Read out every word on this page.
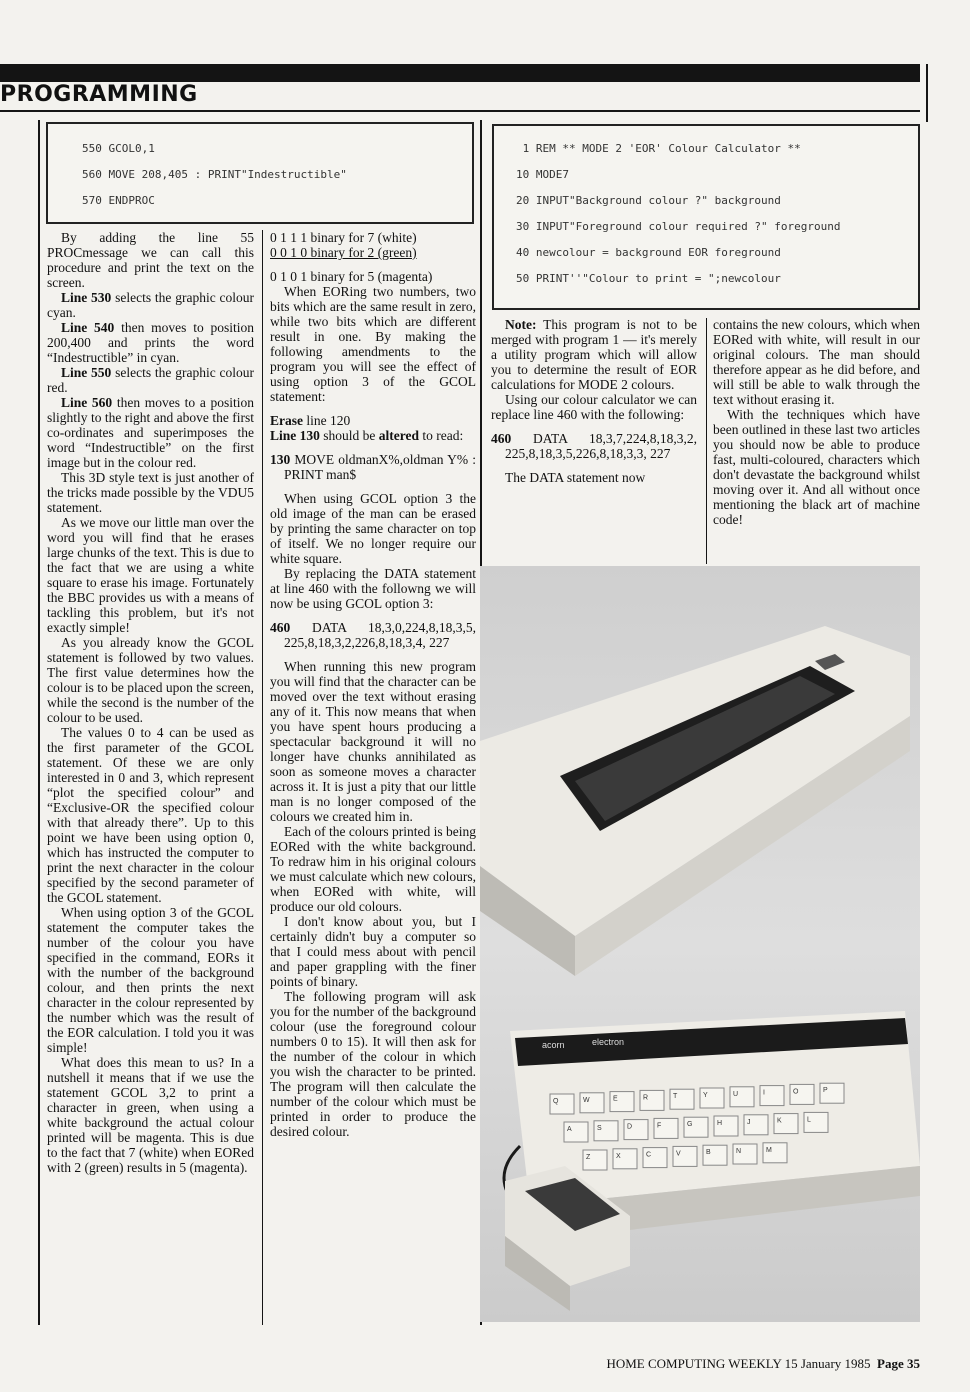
PROGRAMMING
550 GCOL0,1
560 MOVE 208,405 : PRINT"Indestructible"
570 ENDPROC
1 REM ** MODE 2 'EOR' Colour Calculator **
10 MODE7
20 INPUT"Background colour ?" background
30 INPUT"Foreground colour required ?" foreground
40 newcolour = background EOR foreground
50 PRINT''"Colour to print = ";newcolour

By adding the line 55 PROCmessage we can call this procedure and print the text on the screen.

Line 530 selects the graphic colour cyan.

Line 540 then moves to position 200,400 and prints the word “Indestructible” in cyan.

Line 550 selects the graphic colour red.

Line 560 then moves to a position slightly to the right and above the first co-ordinates and superimposes the word “Indestructible” on the first image but in the colour red.

This 3D style text is just another of the tricks made possible by the VDU5 statement.

As we move our little man over the word you will find that he erases large chunks of the text. This is due to the fact that we are using a white square to erase his image. Fortunately the BBC provides us with a means of tackling this problem, but it's not exactly simple!

As you already know the GCOL statement is followed by two values. The first value determines how the colour is to be placed upon the screen, while the second is the number of the colour to be used.

The values 0 to 4 can be used as the first parameter of the GCOL statement. Of these we are only interested in 0 and 3, which represent “plot the specified colour” and “Exclusive-OR the specified colour with that already there”. Up to this point we have been using option 0, which has instructed the computer to print the next character in the colour specified by the second parameter of the GCOL statement.

When using option 3 of the GCOL statement the computer takes the number of the colour you have specified in the command, EORs it with the number of the background colour, and then prints the next character in the colour represented by the number which was the result of the EOR calculation. I told you it was simple!

What does this mean to us? In a nutshell it means that if we use the statement GCOL 3,2 to print a character in green, when using a white background the actual colour printed will be magenta. This is due to the fact that 7 (white) when EORed with 2 (green) results in 5 (magenta).

0 1 1 1 binary for 7 (white)

0 0 1 0 binary for 2 (green)

0 1 0 1 binary for 5 (magenta)

When EORing two numbers, two bits which are the same result in zero, while two bits which are different result in one. By making the following amendments to the program you will see the effect of using option 3 of the GCOL statement:

Erase line 120

Line 130 should be altered to read:

130 MOVE oldmanX%,oldman Y% : PRINT man$

When using GCOL option 3 the old image of the man can be erased by printing the same character on top of itself. We no longer require our white square.

By replacing the DATA statement at line 460 with the followng we will now be using GCOL option 3:

460 DATA 18,3,0,224,8,18,3,5, 225,8,18,3,2,226,8,18,3,4, 227

When running this new program you will find that the character can be moved over the text without erasing any of it. This now means that when you have spent hours producing a spectacular background it will no longer have chunks annihilated as soon as someone moves a character across it. It is just a pity that our little man is no longer composed of the colours we created him in.

Each of the colours printed is being EORed with the white background. To redraw him in his original colours we must calculate which new colours, when EORed with white, will produce our old colours.

I don't know about you, but I certainly didn't buy a computer so that I could mess about with pencil and paper grappling with the finer points of binary.

The following program will ask you for the number of the background colour (use the foreground colour numbers 0 to 15). It will then ask for the number of the colour in which you wish the character to be printed. The program will then calculate the number of the colour which must be printed in order to produce the desired colour.

Note: This program is not to be merged with program 1 — it's merely a utility program which will allow you to determine the result of EOR calculations for MODE 2 colours.

Using our colour calculator we can replace line 460 with the following:

460 DATA 18,3,7,224,8,18,3,2, 225,8,18,3,5,226,8,18,3,3, 227

The DATA statement now

contains the new colours, which when EORed with white, will result in our original colours. The man should therefore appear as he did before, and will still be able to walk through the text without erasing it.

With the techniques which have been outlined in these last two articles you should now be able to produce fast, multi-coloured, characters which don't devastate the background whilst moving over it. And all without once mentioning the black art of machine code!

acorn	electron
Q	W	E	R	T	Y	U	I	O	P
A	S	D	F	G	H	J	K	L
Z	X	C	V	B	N	M
HOME COMPUTING WEEKLY 15 January 1985 Page 35
